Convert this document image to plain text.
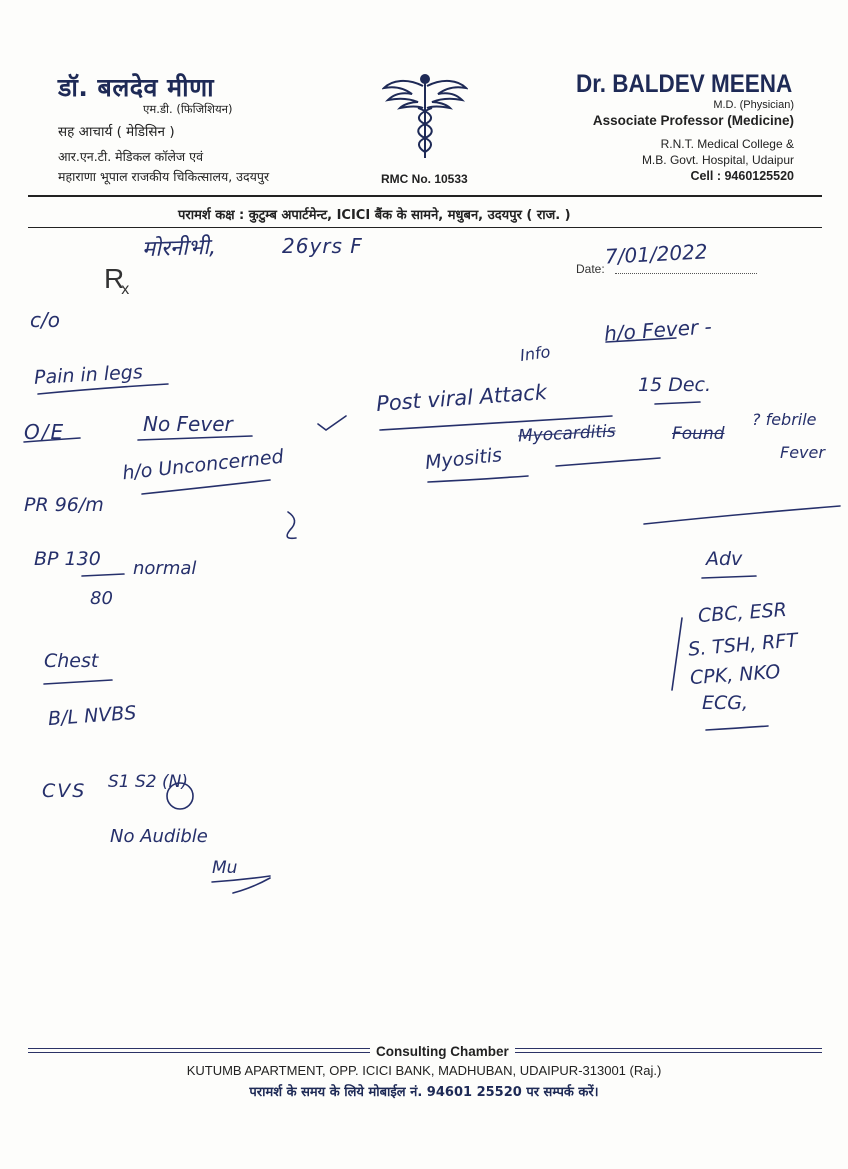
डॉ. बलदेव मीणा
एम.डी. (फिजिशियन)
सह आचार्य ( मेडिसिन )
आर.एन.टी. मेडिकल कॉलेज एवं
महाराणा भूपाल राजकीय चिकित्सालय, उदयपुर	RMC No. 10533
Dr. BALDEV MEENA
M.D. (Physician)
Associate Professor (Medicine)
R.N.T. Medical College &
M.B. Govt. Hospital, Udaipur
Cell : 9460125520
परामर्श कक्ष : कुटुम्ब अपार्टमेन्ट, ICICI बैंक के सामने, मधुबन, उदयपुर ( राज. )
मोरनीभी,	26yrs F
$R_x$
Date:
7/01/2022
c/o
Pain in legs
O/E	No Fever
h/o Unconcerned
PR 96/m
BP 130
80
normal
Chest
B/L NVBS
CVS S1 S2 (N)
No Audible
Mu
h/o Fever -
Info
Post viral Attack	15 Dec.
Myositis
Myocarditis	Found
? febrile
Fever
Adv
CBC, ESR
S. TSH, RFT
CPK, NKO
ECG,
Consulting Chamber
KUTUMB APARTMENT, OPP. ICICI BANK, MADHUBAN, UDAIPUR-313001 (Raj.)
परामर्श के समय के लिये मोबाईल नं. 94601 25520 पर सम्पर्क करें।
